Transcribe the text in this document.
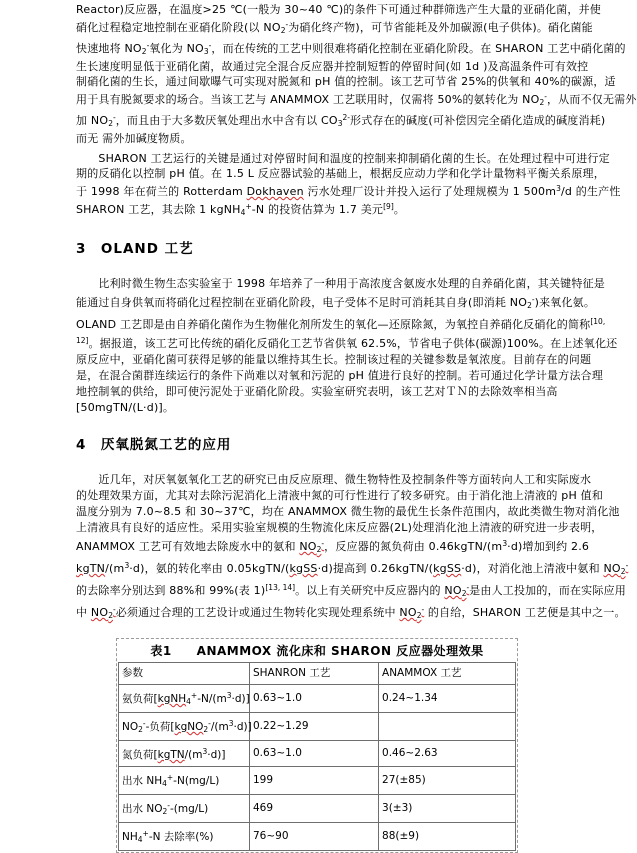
Reactor)反应器，在温度>25 ℃(一般为 30~40 ℃)的条件下可通过种群筛选产生大量的亚硝化菌，并使
硝化过程稳定地控制在亚硝化阶段(以 $NO_2^-$为硝化终产物)，可节省能耗及外加碳源(电子供体)。硝化菌能
快速地将 $NO_2^-$氧化为 $NO_3^-$，而在传统的工艺中则很难将硝化控制在亚硝化阶段。在 SHARON 工艺中硝化菌的
生长速度明显低于亚硝化菌，故通过完全混合反应器并控制短暂的停留时间(如 1d )及高温条件可有效控
制硝化菌的生长，通过间歇曝气可实现对脱氮和 pH 值的控制。该工艺可节省 25%的供氧和 40%的碳源，适
用于具有脱氮要求的场合。当该工艺与 ANAMMOX 工艺联用时，仅需将 50%的氨转化为 $NO_2^-$，从而不仅无需外
加 $NO_2^-$，而且由于大多数厌氧处理出水中含有以 $CO_3^{2-}$形式存在的碱度(可补偿因完全硝化造成的碱度消耗)
而无 需外加碱度物质。
　　SHARON 工艺运行的关键是通过对停留时间和温度的控制来抑制硝化菌的生长。在处理过程中可进行定
期的反硝化以控制 pH 值。在 1.5 L 反应器试验的基础上，根据反应动力学和化学计量物料平衡关系原理，
于 1998 年在荷兰的 Rotterdam Dokhaven 污水处理厂设计并投入运行了处理规模为 1 $500m^3/d$ 的生产性
SHARON 工艺，其去除 1 kgNH$_4$+-N 的投资估算为 1.7 美元[9]。
3　OLAND 工艺
　　比利时微生物生态实验室于 1998 年培养了一种用于高浓度含氨废水处理的自养硝化菌，其关键特征是
能通过自身供氧而将硝化过程控制在亚硝化阶段，电子受体不足时可消耗其自身(即消耗 $NO_2^-$)来氧化氨。
OLAND 工艺即是由自养硝化菌作为生物催化剂所发生的氧化—还原除氮，为氧控自养硝化反硝化的简称$^{[10,}$
$^{12]}$。据报道，该工艺可比传统的硝化反硝化工艺节省供氧 62.5%，节省电子供体(碳源)100%。在上述氧化还
原反应中，亚硝化菌可获得足够的能量以维持其生长。控制该过程的关键参数是氧浓度。目前存在的问题
是，在混合菌群连续运行的条件下尚难以对氧和污泥的 pH 值进行良好的控制。若可通过化学计量方法合理
地控制氧的供给，即可使污泥处于亚硝化阶段。实验室研究表明，该工艺对ＴＮ的去除效率相当高
[50mgTN/(L·d)]。
4　厌氧脱氮工艺的应用
　　近几年，对厌氧氨氧化工艺的研究已由反应原理、微生物特性及控制条件等方面转向人工和实际废水
的处理效果方面，尤其对去除污泥消化上清液中氮的可行性进行了较多研究。由于消化池上清液的 pH 值和
温度分别为 7.0~8.5 和 30~37℃，均在 ANAMMOX 微生物的最优生长条件范围内，故此类微生物对消化池
上清液具有良好的适应性。采用实验室规模的生物流化床反应器(2L)处理消化池上清液的研究进一步表明，
ANAMMOX 工艺可有效地去除废水中的氨和 $NO_2^-$，反应器的氮负荷由 $0.46kgTN/(m^3\cdot d)$增加到约 2.6
kgTN/$(m^3\cdot d)$，氨的转化率由 0.05kgTN/(kgSS·d)提高到 0.26kgTN/(kgSS·d)，对消化池上清液中氨和 $NO_2^-$
的去除率分别达到 88%和 99%(表 1)[13, 14]。以上有关研究中反应器内的 $NO_2^-$是由人工投加的，而在实际应用
中 $NO_2^-$必须通过合理的工艺设计或通过生物转化实现处理系统中 $NO_2^-$ 的自给，SHARON 工艺便是其中之一。
表1　　ANAMMOX 流化床和 SHARON 反应器处理效果
参数	SHANRON 工艺	ANAMMOX 工艺
氨负荷$[kgNH_4^+-N/(m^3\cdot d)]$	0.63~1.0	0.24~1.34
$NO_2^--$负荷$[kgNO_2^-/(m^3\cdot d)]$	0.22~1.29	
氮负荷$[kgTN/(m^3\cdot d)]$	0.63~1.0	0.46~2.63
出水 $NH_4^+-N(mg/L)$	199	27(±85)
出水 $NO_2^--(mg/L)$	469	3(±3)
$NH_4^+-N$ 去除率(%)	76~90	88(±9)
